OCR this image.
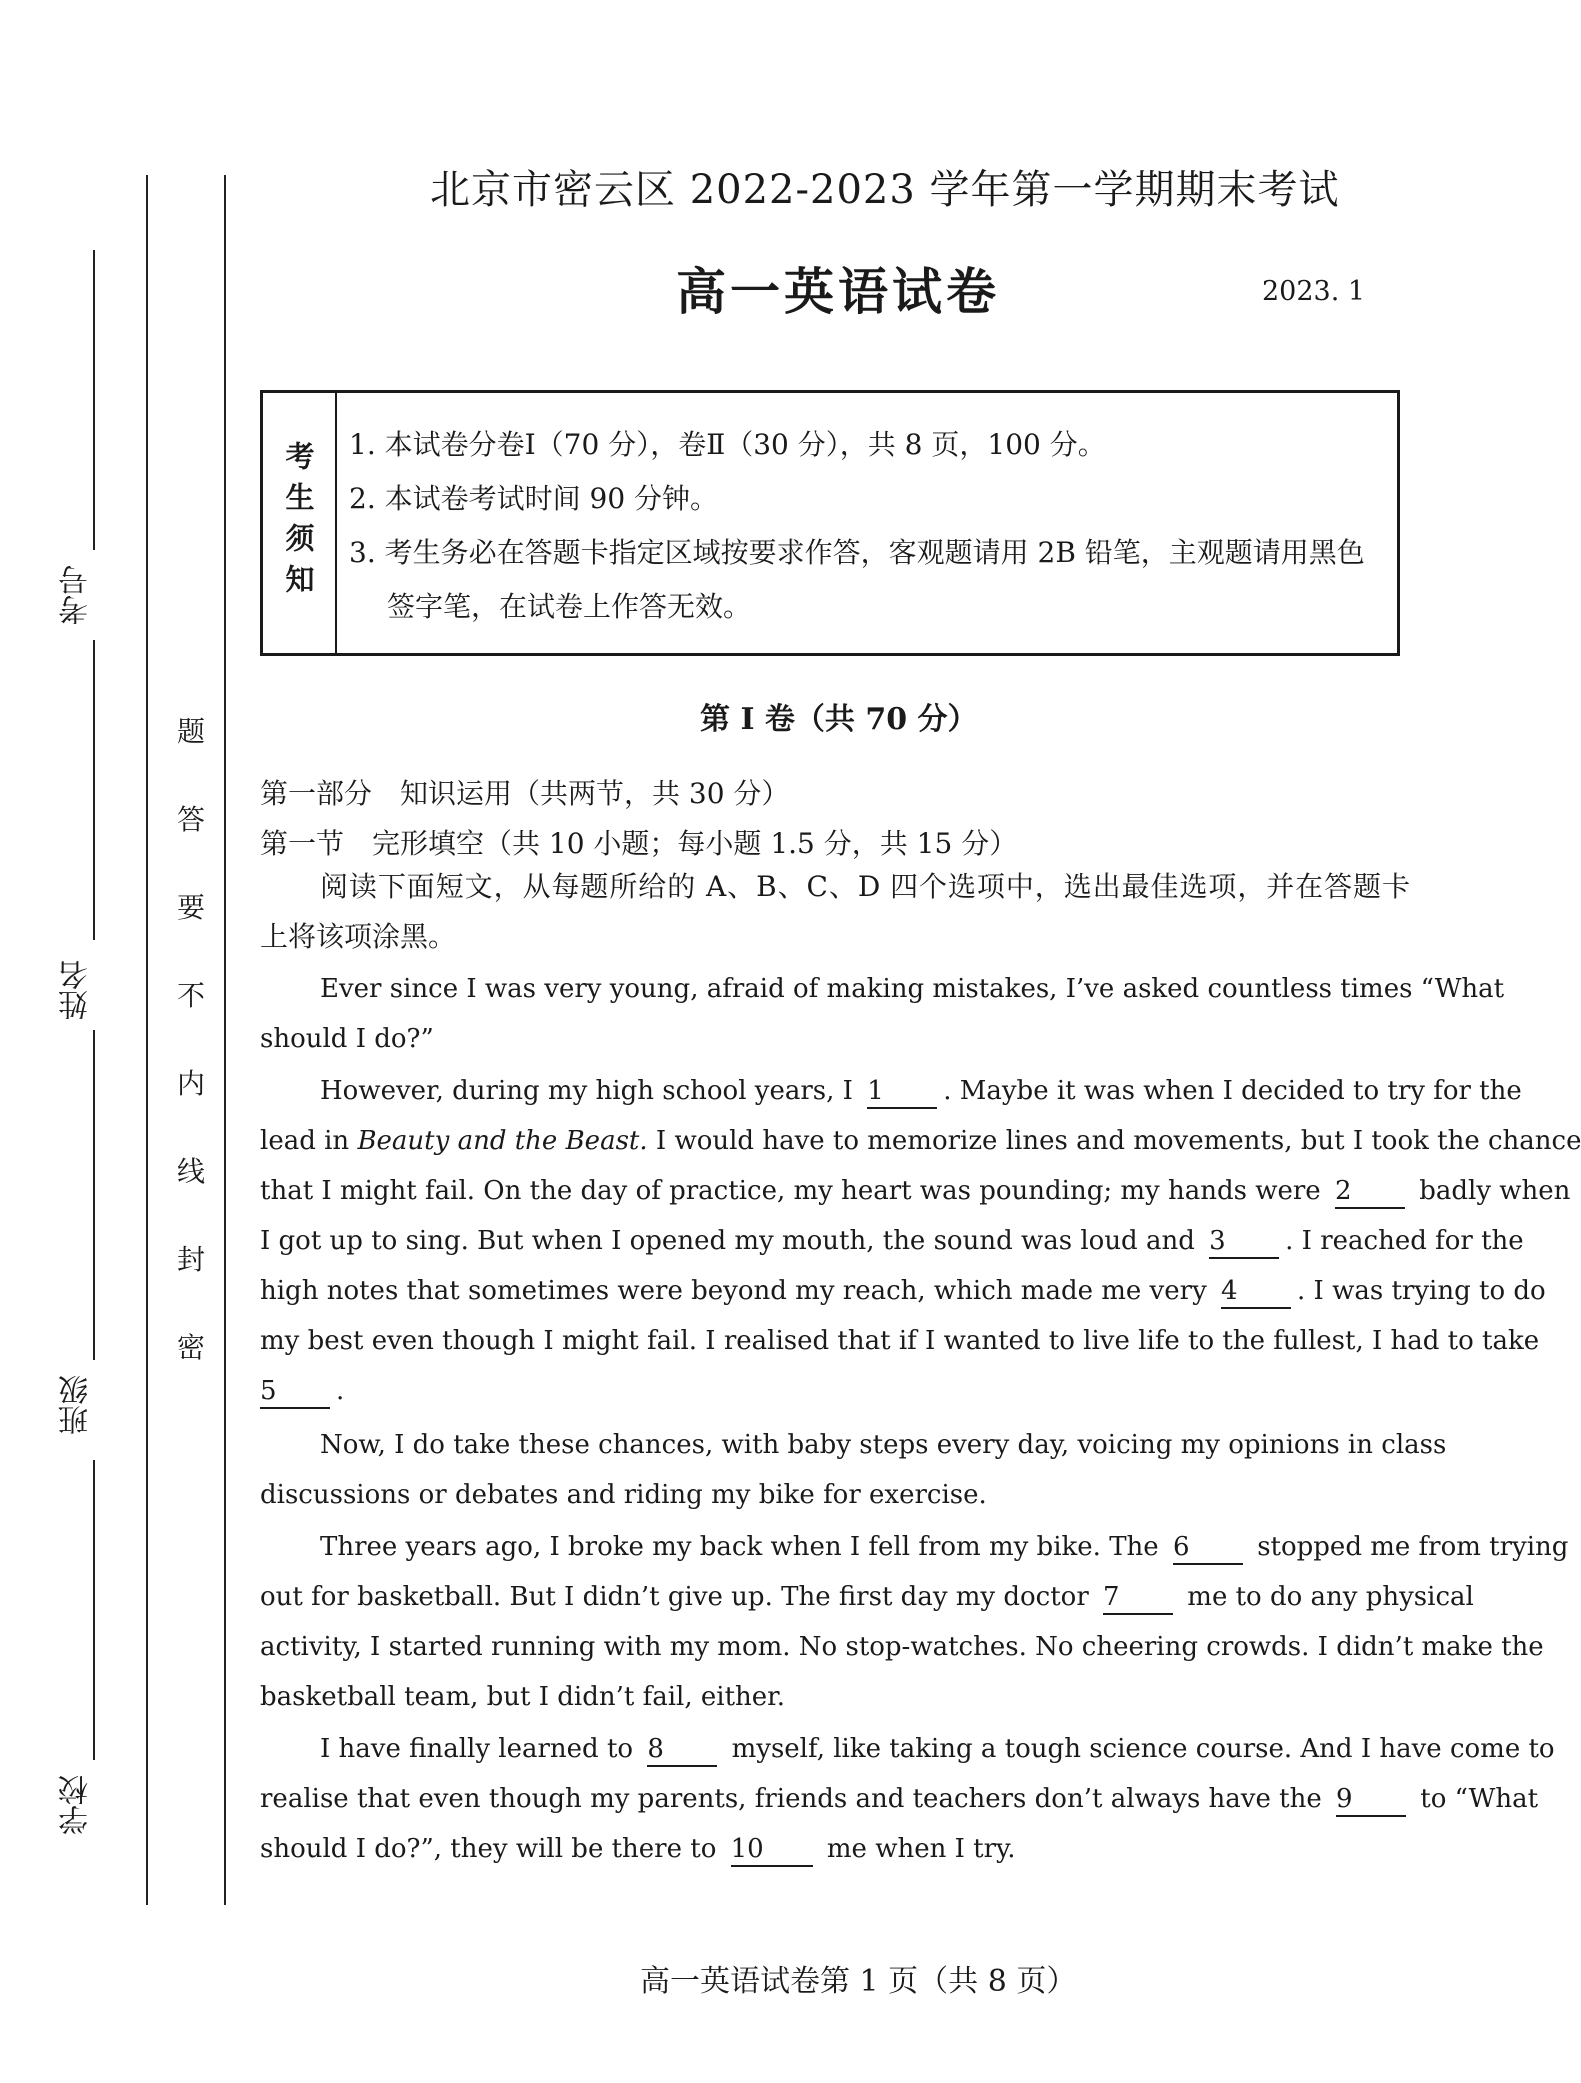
考号
姓名
班级
学校
题
答
要
不
内
线
封
密
北京市密云区 2022-2023 学年第一学期期末考试
高一英语试卷	2023. 1
考生须知 1. 本试卷分卷Ⅰ（70 分），卷Ⅱ（30 分），共 8 页，100 分。
2. 本试卷考试时间 90 分钟。
3. 考生务必在答题卡指定区域按要求作答，客观题请用 2B 铅笔，主观题请用黑色
签字笔，在试卷上作答无效。
第 I 卷（共 70 分）
第一部分　知识运用（共两节，共 30 分）
第一节　完形填空（共 10 小题；每小题 1.5 分，共 15 分）
阅读下面短文，从每题所给的 A、B、C、D 四个选项中，选出最佳选项，并在答题卡
上将该项涂黑。
Ever since I was very young, afraid of making mistakes, I’ve asked countless times “What
should I do?”
However, during my high school years, I 1 . Maybe it was when I decided to try for the
lead in Beauty and the Beast. I would have to memorize lines and movements, but I took the chance
that I might fail. On the day of practice, my heart was pounding; my hands were 2	badly when
I got up to sing. But when I opened my mouth, the sound was loud and 3 . I reached for the
high notes that sometimes were beyond my reach, which made me very 4 . I was trying to do
my best even though I might fail. I realised that if I wanted to live life to the fullest, I had to take
5 .
Now, I do take these chances, with baby steps every day, voicing my opinions in class
discussions or debates and riding my bike for exercise.
Three years ago, I broke my back when I fell from my bike. The 6	stopped me from trying
out for basketball. But I didn’t give up. The first day my doctor 7	me to do any physical
activity, I started running with my mom. No stop-watches. No cheering crowds. I didn’t make the
basketball team, but I didn’t fail, either.
I have finally learned to 8	myself, like taking a tough science course. And I have come to
realise that even though my parents, friends and teachers don’t always have the 9	to “What
should I do?”, they will be there to 10 me when I try.
高一英语试卷第 1 页（共 8 页）
